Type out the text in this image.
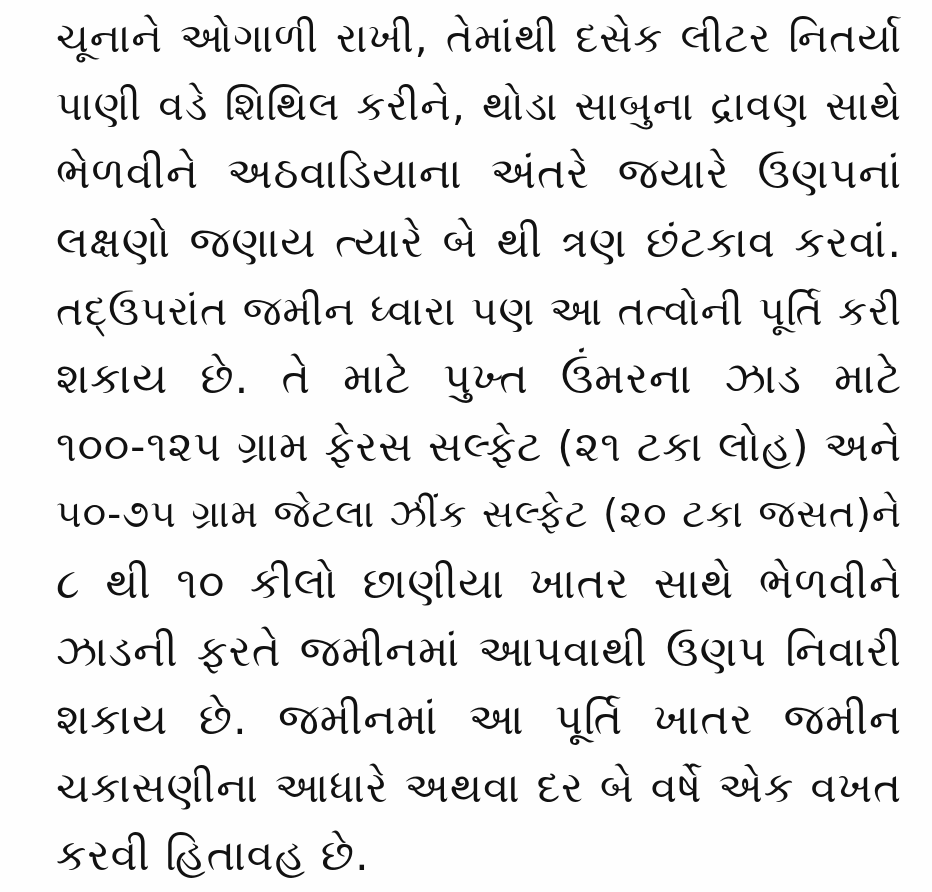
ચૂનાને ઓગાળી રાખી, તેમાંથી દસેક લીટર નિતર્યા
પાણી વડે શિથિલ કરીને, થોડા સાબુના દ્રાવણ સાથે
ભેળવીને અઠવાડિયાના અંતરે જયારે ઉણપનાં
લક્ષણો જણાય ત્યારે બે થી ત્રણ છંટકાવ કરવાં.
તદ્ઉપરાંત જમીન ધ્વારા પણ આ તત્વોની પૂર્તિ કરી
શકાય છે. તે માટે પુખ્ત ઉંમરના ઝાડ માટે
૧૦૦-૧૨૫ ગ્રામ ફેરસ સલ્ફેટ (૨૧ ટકા લોહ) અને
૫૦-૭૫ ગ્રામ જેટલા ઝીંક સલ્ફેટ (૨૦ ટકા જસત)ને
૮ થી ૧૦ કીલો છાણીયા ખાતર સાથે ભેળવીને
ઝાડની ફરતે જમીનમાં આપવાથી ઉણપ નિવારી
શકાય છે. જમીનમાં આ પૂર્તિ ખાતર જમીન
ચકાસણીના આધારે અથવા દર બે વર્ષે એક વખત
કરવી હિતાવહ છે.
